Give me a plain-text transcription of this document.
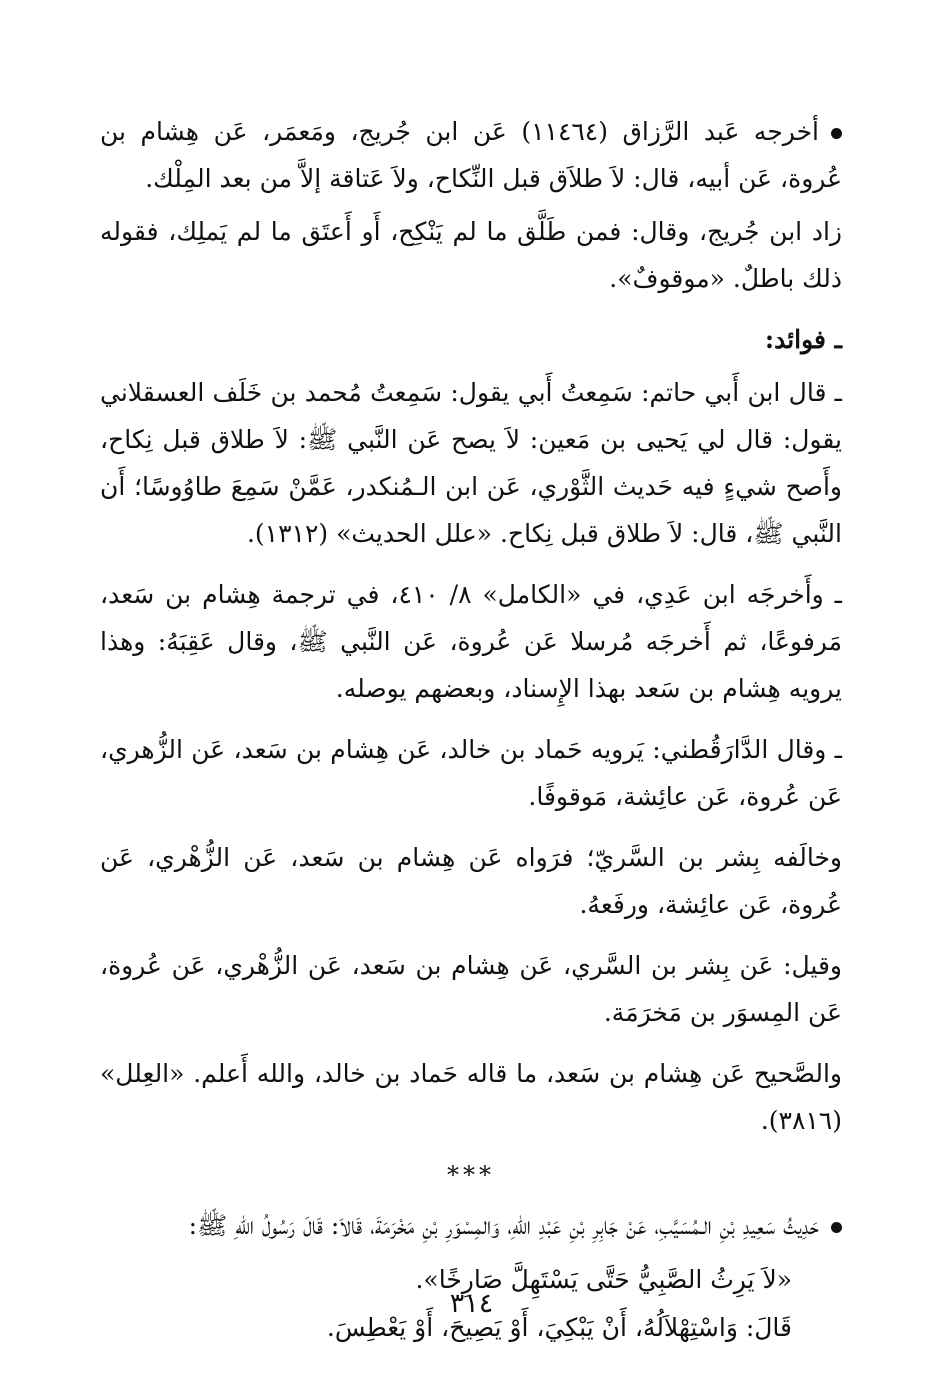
أخرجه عَبد الرَّزاق (١١٤٦٤) عَن ابن جُريج، ومَعمَر، عَن هِشام بن عُروة، عَن أبيه، قال: لاَ طلاَق قبل النِّكاح، ولاَ عَتاقة إلاَّ من بعد المِلْك.

زاد ابن جُريج، وقال: فمن طَلَّق ما لم يَنْكِح، أَو أَعتَق ما لم يَملِك، فقوله ذلك باطلٌ. «موقوفٌ».

ـ فوائد:

ـ قال ابن أَبي حاتم: سَمِعتُ أَبي يقول: سَمِعتُ مُحمد بن خَلَف العسقلاني يقول: قال لي يَحيى بن مَعين: لاَ يصح عَن النَّبي ﷺ: لاَ طلاق قبل نِكاح، وأَصح شيءٍ فيه حَديث الثَّوْري، عَن ابن الـمُنكدر، عَمَّنْ سَمِعَ طاوُوسًا؛ أَن النَّبي ﷺ، قال: لاَ طلاق قبل نِكاح. «علل الحديث» (١٣١٢).

ـ وأَخرجَه ابن عَدِي، في «الكامل» ٨/ ٤١٠، في ترجمة هِشام بن سَعد، مَرفوعًا، ثم أَخرجَه مُرسلا عَن عُروة، عَن النَّبي ﷺ، وقال عَقِبَهُ: وهذا يرويه هِشام بن سَعد بهذا الإِسناد، وبعضهم يوصله.

ـ وقال الدَّارَقُطني: يَرويه حَماد بن خالد، عَن هِشام بن سَعد، عَن الزُّهري، عَن عُروة، عَن عائِشة، مَوقوفًا.

وخالَفه بِشر بن السَّريّ؛ فرَواه عَن هِشام بن سَعد، عَن الزُّهْري، عَن عُروة، عَن عائِشة، ورفَعهُ.

وقيل: عَن بِشر بن السَّري، عَن هِشام بن سَعد، عَن الزُّهْري، عَن عُروة، عَن المِسوَر بن مَخرَمَة.

والصَّحيح عَن هِشام بن سَعد، ما قاله حَماد بن خالد، والله أَعلم. «العِلل» (٣٨١٦).

***

حَدِيثُ سَعِيدِ بْنِ الـمُسَيَّبِ، عَنْ جَابِرِ بْنِ عَبْدِ اللهِ، وَالمِسْوَرِ بْنِ مَخْرَمَةَ، قَالاَ: قَالَ رَسُولُ اللهِ ﷺ:

«لاَ يَرِثُ الصَّبِيُّ حَتَّى يَسْتَهِلَّ صَارِخًا».

قَالَ: وَاسْتِهْلاَلُهُ، أَنْ يَبْكِيَ، أَوْ يَصِيحَ، أَوْ يَعْطِسَ.

٣١٤
